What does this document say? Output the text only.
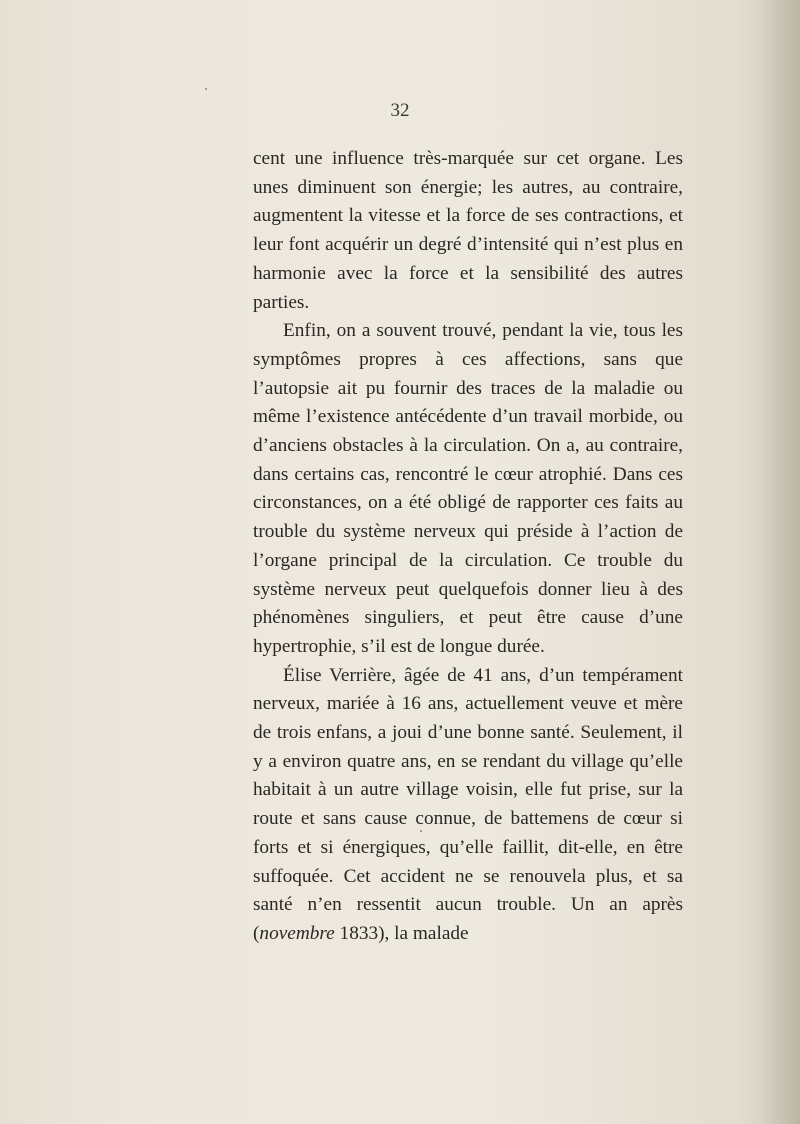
32

cent une influence très-marquée sur cet organe. Les unes diminuent son énergie; les autres, au contraire, augmentent la vitesse et la force de ses contractions, et leur font acquérir un degré d’intensité qui n’est plus en harmonie avec la force et la sensibilité des autres parties.

Enfin, on a souvent trouvé, pendant la vie, tous les symptômes propres à ces affections, sans que l’autopsie ait pu fournir des traces de la maladie ou même l’existence antécédente d’un travail morbide, ou d’anciens obstacles à la circulation. On a, au contraire, dans certains cas, rencontré le cœur atrophié. Dans ces circonstances, on a été obligé de rapporter ces faits au trouble du système nerveux qui préside à l’action de l’organe principal de la circulation. Ce trouble du système nerveux peut quelquefois donner lieu à des phénomènes singuliers, et peut être cause d’une hypertrophie, s’il est de longue durée.

Élise Verrière, âgée de 41 ans, d’un tempérament nerveux, mariée à 16 ans, actuellement veuve et mère de trois enfans, a joui d’une bonne santé. Seulement, il y a environ quatre ans, en se rendant du village qu’elle habitait à un autre village voisin, elle fut prise, sur la route et sans cause connue, de battemens de cœur si forts et si énergiques, qu’elle faillit, dit-elle, en être suffoquée. Cet accident ne se renouvela plus, et sa santé n’en ressentit aucun trouble. Un an après (novembre 1833), la malade
